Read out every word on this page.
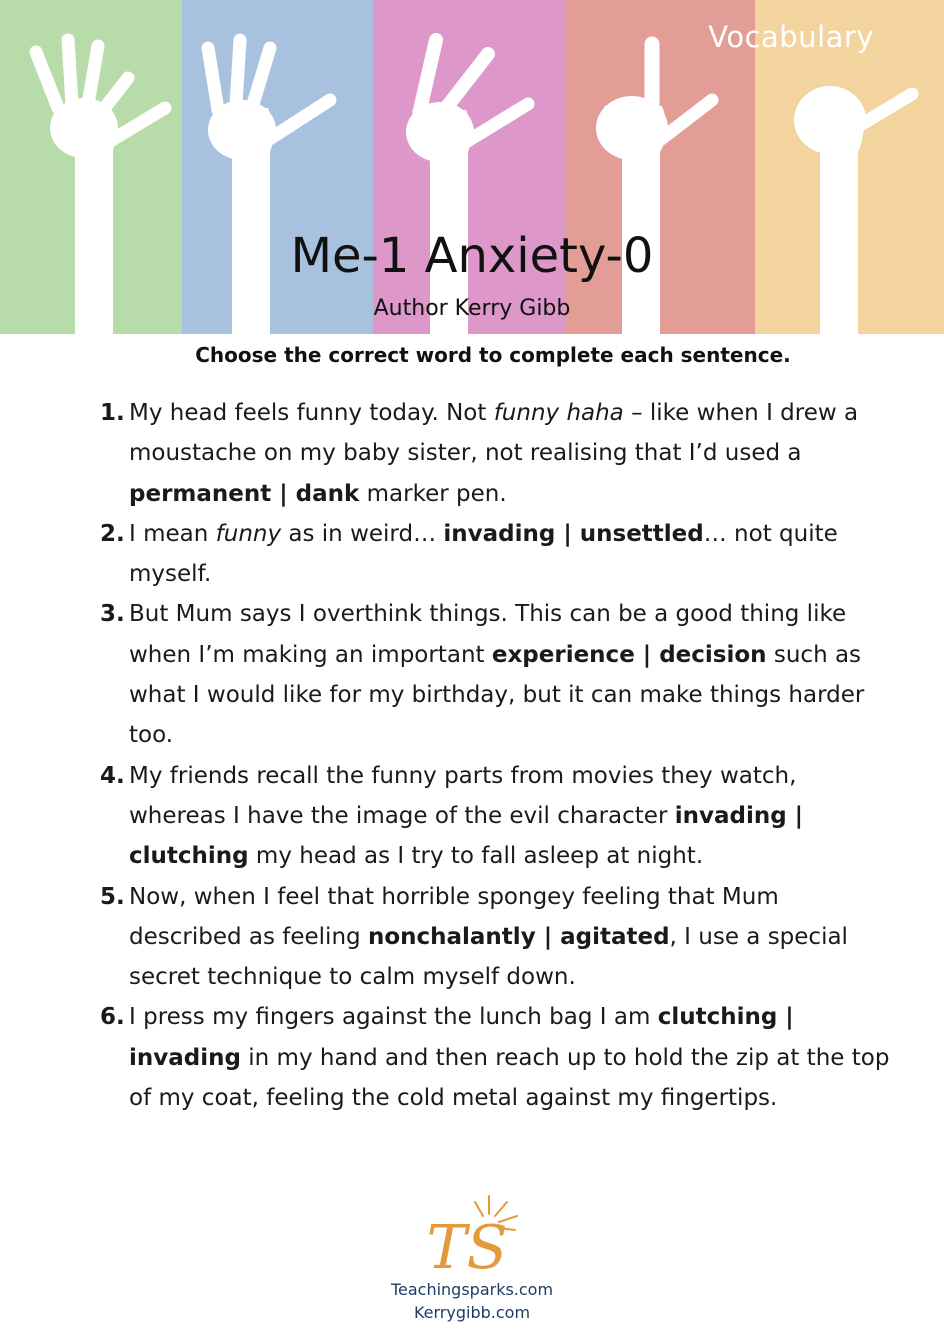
Vocabulary
Me-1 Anxiety-0
Author Kerry Gibb
Choose the correct word to complete each sentence.
1. My head feels funny today. Not funny haha – like when I drew a moustache on my baby sister, not realising that I’d used a permanent | dank marker pen.
2. I mean funny as in weird… invading | unsettled… not quite myself.
3. But Mum says I overthink things. This can be a good thing like when I’m making an important experience | decision such as what I would like for my birthday, but it can make things harder too.
4. My friends recall the funny parts from movies they watch, whereas I have the image of the evil character invading | clutching my head as I try to fall asleep at night.
5. Now, when I feel that horrible spongey feeling that Mum described as feeling nonchalantly | agitated, I use a special secret technique to calm myself down.
6. I press my fingers against the lunch bag I am clutching | invading in my hand and then reach up to hold the zip at the top of my coat, feeling the cold metal against my fingertips.
TS
Teachingsparks.com
Kerrygibb.com
